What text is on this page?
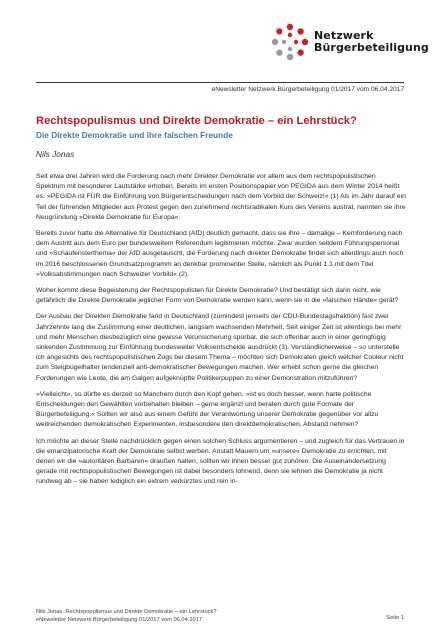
Netzwerk
Bürgerbeteiligung
eNewsletter Netzwerk Bürgerbeteiligung 01/2017 vom 06.04.2017
Rechtspopulismus und Direkte Demokratie – ein Lehrstück?
Die Direkte Demokratie und ihre falschen Freunde
Nils Jonas

Seit etwa drei Jahren wird die Forderung nach mehr Direkter Demokratie vor allem aus dem rechtspopulistischen Spektrum mit besonderer Lautstärke erhoben. Bereits im ersten Positionspapier von PEGIDA aus dem Winter 2014 heißt es: »PEGIDA ist FÜR die Einführung von Bürgerentscheidungen nach dem Vorbild der Schweiz!« (1) Als im Jahr darauf ein Teil der führenden Mitglieder aus Protest gegen den zunehmend rechtsradikalen Kurs des Vereins austrat, nannten sie ihre Neugründung »Direkte Demokratie für Europa«.

Bereits zuvor hatte die Alternative für Deutschland (AfD) deutlich gemacht, dass sie ihre – damalige – Kernforderung nach dem Austritt aus dem Euro per bundesweitem Referendum legitimieren möchte. Zwar wurden seitdem Führungspersonal und »Schaufensterthema« der AfD ausgetauscht, die Forderung nach direkter Demokratie findet sich allerdings auch noch im 2016 beschlossenen Grundsatzprogramm an denkbar prominenter Stelle, nämlich als Punkt 1.1 mit dem Titel »Volksabstimmungen nach Schweizer Vorbild« (2).

Woher kommt diese Begeisterung der Rechtspopulisten für Direkte Demokratie? Und bestätigt sich darin nicht, wie gefährlich die Direkte Demokratie jeglicher Form von Demokratie werden kann, wenn sie in die »falschen Hände« gerät?

Der Ausbau der Direkten Demokratie fand in Deutschland (zumindest jenseits der CDU-Bundestagsfraktion) fast zwei Jahrzehnte lang die Zustimmung einer deutlichen, langsam wachsenden Mehrheit. Seit einiger Zeit ist allerdings bei mehr und mehr Menschen diesbezüglich eine gewisse Verunsicherung spürbar, die sich offenbar auch in einer geringfügig sinkenden Zustimmung zur Einführung bundesweiter Volksentscheide ausdrückt (3). Verständlicherweise – so unterstelle ich angesichts des rechtspopulistischen Zugs bei diesem Thema – möchten sich Demokraten gleich welcher Couleur nicht zum Steigbügelhalter tendenziell anti-demokratischer Bewegungen machen. Wer erhebt schon gerne die gleichen Forderungen wie Leute, die am Galgen aufgeknüpfte Politikerpuppen zu einer Demonstration mitzuführen?

»Vielleicht«, so dürfte es derzeit so Manchem durch den Kopf gehen, »ist es doch besser, wenn harte politische Entscheidungen den Gewählten vorbehalten bleiben – gerne ergänzt und beraten durch gute Formate der Bürgerbeteiligung.« Sollten wir also aus einem Gefühl der Verantwortung unserer Demokratie gegenüber vor allzu weitreichenden demokratischen Experimenten, insbesondere den direktdemokratischen, Abstand nehmen?

Ich möchte an dieser Stelle nachdrücklich gegen einen solchen Schluss argumentieren – und zugleich für das Vertrauen in die emanzipatorische Kraft der Demokratie selbst werben. Anstatt Mauern um »unsere« Demokratie zu errichten, mit denen wir die »autoritären Barbaren« draußen halten, sollten wir ihnen besser gut zuhören. Die Auseinandersetzung gerade mit rechtspopulistischen Bewegungen ist dabei besonders lohnend, denn sie lehnen die Demokratie ja nicht rundweg ab – sie haben lediglich ein extrem verkürztes und rein in-

Nils Jonas: Rechtspopulismus und Direkte Demokratie – ein Lehrstück?
eNewsletter Netzwerk Bürgerbeteiligung 01/2017 vom 06.04.2017	Seite 1
